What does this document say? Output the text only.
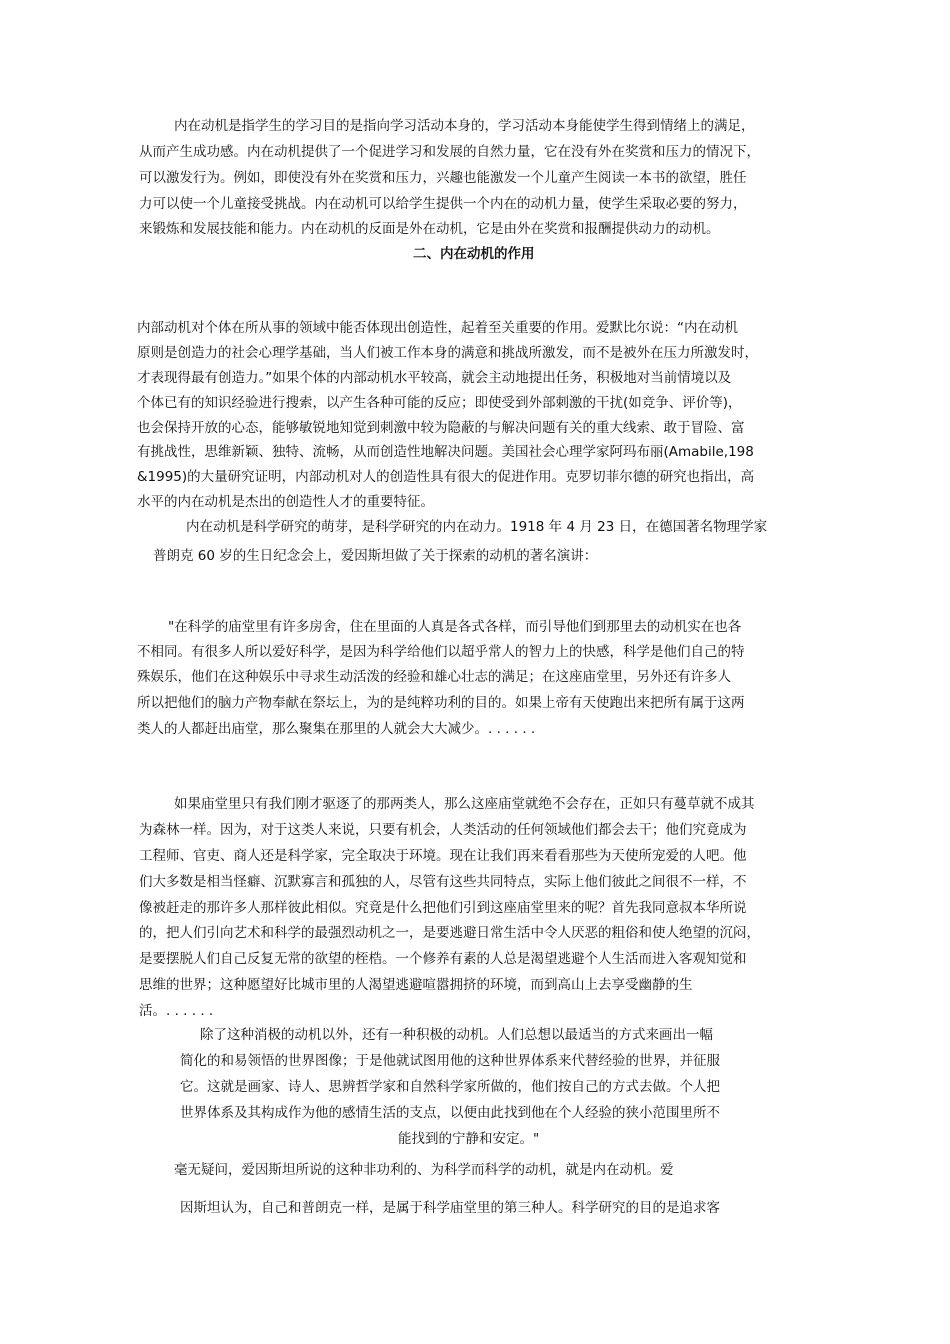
内在动机是指学生的学习目的是指向学习活动本身的，学习活动本身能使学生得到情绪上的满足，

从而产生成功感。内在动机提供了一个促进学习和发展的自然力量，它在没有外在奖赏和压力的情况下，

可以激发行为。例如，即使没有外在奖赏和压力，兴趣也能激发一个儿童产生阅读一本书的欲望，胜任

力可以使一个儿童接受挑战。内在动机可以给学生提供一个内在的动机力量，使学生采取必要的努力，

来锻炼和发展技能和能力。内在动机的反面是外在动机，它是由外在奖赏和报酬提供动力的动机。

二、内在动机的作用

内部动机对个体在所从事的领域中能否体现出创造性，起着至关重要的作用。爱默比尔说：“内在动机

原则是创造力的社会心理学基础，当人们被工作本身的满意和挑战所激发，而不是被外在压力所激发时，

才表现得最有创造力。”如果个体的内部动机水平较高，就会主动地提出任务，积极地对当前情境以及

个体已有的知识经验进行搜索，以产生各种可能的反应；即使受到外部刺激的干扰(如竞争、评价等)，

也会保持开放的心态，能够敏锐地知觉到刺激中较为隐蔽的与解决问题有关的重大线索、敢于冒险、富

有挑战性，思维新颖、独特、流畅，从而创造性地解决问题。美国社会心理学家阿玛布丽(Amabile,198

&1995)的大量研究证明，内部动机对人的创造性具有很大的促进作用。克罗切菲尔德的研究也指出，高

水平的内在动机是杰出的创造性人才的重要特征。

内在动机是科学研究的萌芽，是科学研究的内在动力。1918 年 4 月 23 日，在德国著名物理学家

普朗克 60 岁的生日纪念会上，爱因斯坦做了关于探索的动机的著名演讲：

"在科学的庙堂里有许多房舍，住在里面的人真是各式各样，而引导他们到那里去的动机实在也各

不相同。有很多人所以爱好科学，是因为科学给他们以超乎常人的智力上的快感，科学是他们自己的特

殊娱乐，他们在这种娱乐中寻求生动活泼的经验和雄心壮志的满足；在这座庙堂里，另外还有许多人

所以把他们的脑力产物奉献在祭坛上，为的是纯粹功利的目的。如果上帝有天使跑出来把所有属于这两

类人的人都赶出庙堂，那么聚集在那里的人就会大大减少。. . . . . .

如果庙堂里只有我们刚才驱逐了的那两类人，那么这座庙堂就绝不会存在，正如只有蔓草就不成其

为森林一样。因为，对于这类人来说，只要有机会，人类活动的任何领域他们都会去干；他们究竟成为

工程师、官吏、商人还是科学家，完全取决于环境。现在让我们再来看看那些为天使所宠爱的人吧。他

们大多数是相当怪癖、沉默寡言和孤独的人，尽管有这些共同特点，实际上他们彼此之间很不一样，不

像被赶走的那许多人那样彼此相似。究竟是什么把他们引到这座庙堂里来的呢？首先我同意叔本华所说

的，把人们引向艺术和科学的最强烈动机之一，是要逃避日常生活中令人厌恶的粗俗和使人绝望的沉闷，

是要摆脱人们自己反复无常的欲望的桎梏。一个修养有素的人总是渴望逃避个人生活而进入客观知觉和

思维的世界；这种愿望好比城市里的人渴望逃避喧嚣拥挤的环境，而到高山上去享受幽静的生

活。. . . . . .

除了这种消极的动机以外，还有一种积极的动机。人们总想以最适当的方式来画出一幅

简化的和易领悟的世界图像；于是他就试图用他的这种世界体系来代替经验的世界，并征服

它。这就是画家、诗人、思辨哲学家和自然科学家所做的，他们按自己的方式去做。个人把

世界体系及其构成作为他的感情生活的支点，以便由此找到他在个人经验的狭小范围里所不

能找到的宁静和安定。"

毫无疑问，爱因斯坦所说的这种非功利的、为科学而科学的动机，就是内在动机。爱

因斯坦认为，自己和普朗克一样，是属于科学庙堂里的第三种人。科学研究的目的是追求客
